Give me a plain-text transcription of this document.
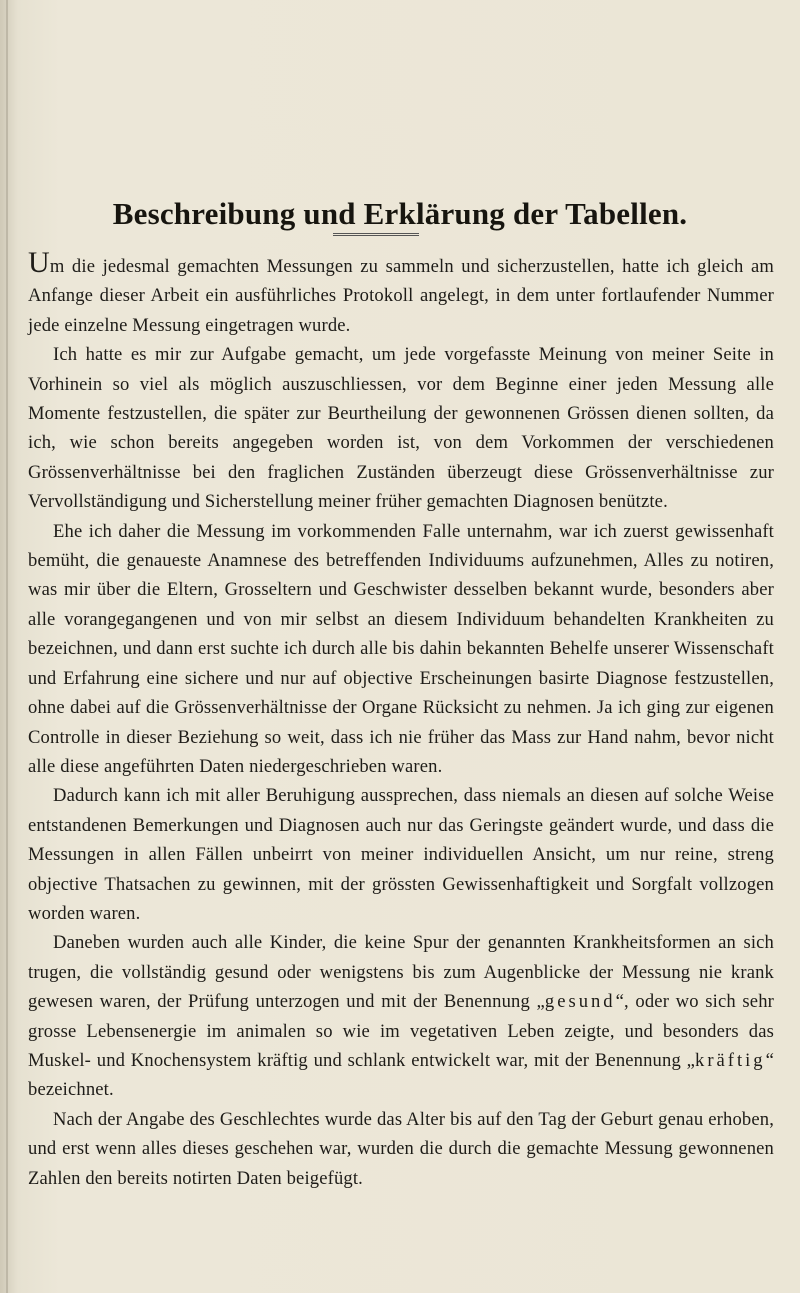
Beschreibung und Erklärung der Tabellen.

Um die jedesmal gemachten Messungen zu sammeln und sicherzustellen, hatte ich gleich am Anfange dieser Arbeit ein ausführliches Protokoll angelegt, in dem unter fortlaufender Nummer jede einzelne Messung eingetragen wurde.

Ich hatte es mir zur Aufgabe gemacht, um jede vorgefasste Meinung von meiner Seite in Vorhinein so viel als möglich auszuschliessen, vor dem Beginne einer jeden Messung alle Momente festzustellen, die später zur Beurtheilung der gewonnenen Grössen dienen sollten, da ich, wie schon bereits angegeben worden ist, von dem Vorkommen der verschiedenen Grössenverhältnisse bei den fraglichen Zuständen überzeugt diese Grössenverhältnisse zur Vervollständigung und Sicherstellung meiner früher gemachten Diagnosen benützte.

Ehe ich daher die Messung im vorkommenden Falle unternahm, war ich zuerst gewissenhaft bemüht, die genaueste Anamnese des betreffenden Individuums aufzunehmen, Alles zu notiren, was mir über die Eltern, Grosseltern und Geschwister desselben bekannt wurde, besonders aber alle vorangegangenen und von mir selbst an diesem Individuum behandelten Krankheiten zu bezeichnen, und dann erst suchte ich durch alle bis dahin bekannten Behelfe unserer Wissenschaft und Erfahrung eine sichere und nur auf objective Erscheinungen basirte Diagnose festzustellen, ohne dabei auf die Grössenverhältnisse der Organe Rücksicht zu nehmen. Ja ich ging zur eigenen Controlle in dieser Beziehung so weit, dass ich nie früher das Mass zur Hand nahm, bevor nicht alle diese angeführten Daten niedergeschrieben waren.

Dadurch kann ich mit aller Beruhigung aussprechen, dass niemals an diesen auf solche Weise entstandenen Bemerkungen und Diagnosen auch nur das Geringste geändert wurde, und dass die Messungen in allen Fällen unbeirrt von meiner individuellen Ansicht, um nur reine, streng objective Thatsachen zu gewinnen, mit der grössten Gewissenhaftigkeit und Sorgfalt vollzogen worden waren.

Daneben wurden auch alle Kinder, die keine Spur der genannten Krankheitsformen an sich trugen, die vollständig gesund oder wenigstens bis zum Augenblicke der Messung nie krank gewesen waren, der Prüfung unterzogen und mit der Benennung „gesund“, oder wo sich sehr grosse Lebensenergie im animalen so wie im vegetativen Leben zeigte, und besonders das Muskel- und Knochensystem kräftig und schlank entwickelt war, mit der Benennung „kräftig“ bezeichnet.

Nach der Angabe des Geschlechtes wurde das Alter bis auf den Tag der Geburt genau erhoben, und erst wenn alles dieses geschehen war, wurden die durch die gemachte Messung gewonnenen Zahlen den bereits notirten Daten beigefügt.
